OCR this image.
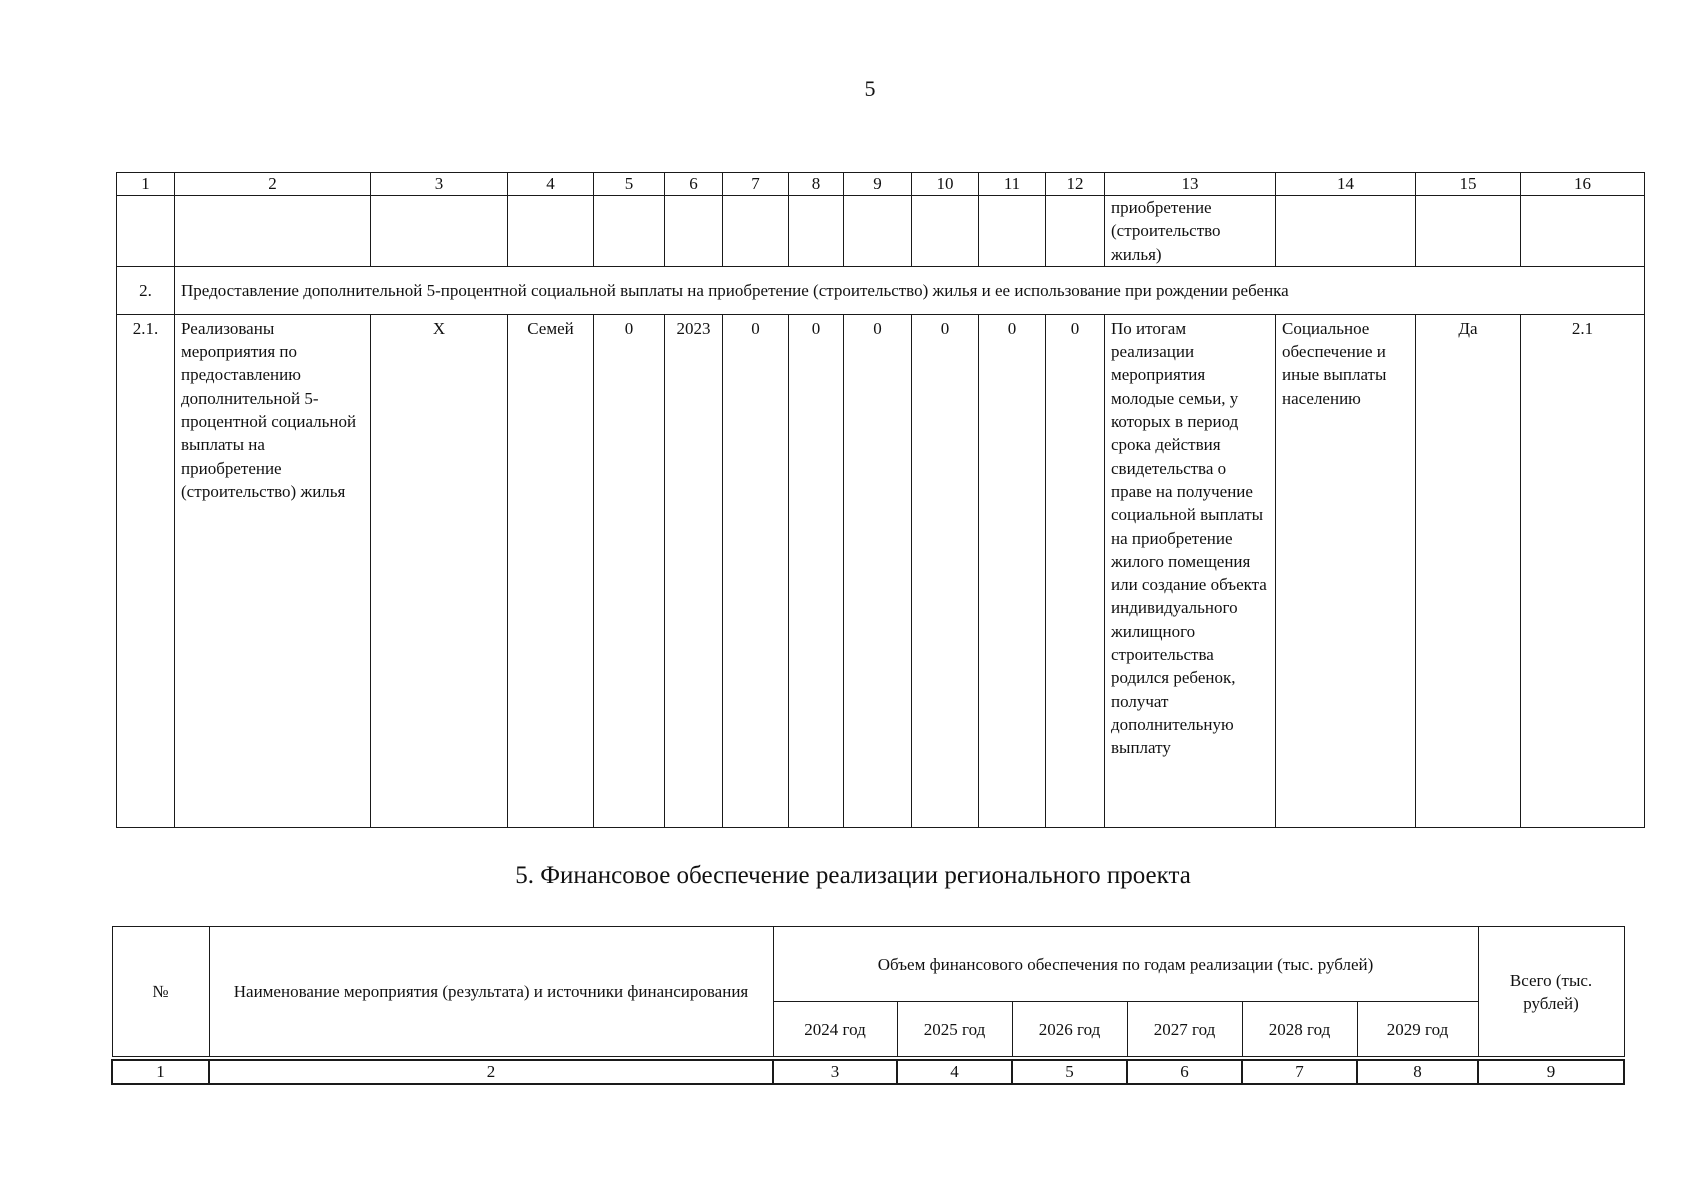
5
1	2	3	4	5	6	7	8	9	10	11	12	13	14	15	16
												приобретение (строительство жилья)			
2.	Предоставление дополнительной 5-процентной социальной выплаты на приобретение (строительство) жилья и ее использование при рождении ребенка														
2.1.	Реализованы мероприятия по предоставлению дополнительной 5-процентной социальной выплаты на приобретение (строительство) жилья	Х	Семей	0	2023	0	0	0	0	0	0	По итогам реализации мероприятия молодые семьи, у которых в период срока действия свидетельства о праве на получение социальной выплаты на приобретение жилого помещения или создание объекта индивидуального жилищного строительства родился ребенок, получат дополнительную выплату	Социальное обеспечение и иные выплаты населению	Да	2.1
5. Финансовое обеспечение реализации регионального проекта
№	Наименование мероприятия (результата) и источники финансирования	Объем финансового обеспечения по годам реализации (тыс. рублей)						Всего (тыс. рублей)
		2024 год	2025 год	2026 год	2027 год	2028 год	2029 год	

1	2	3	4	5	6	7	8	9
